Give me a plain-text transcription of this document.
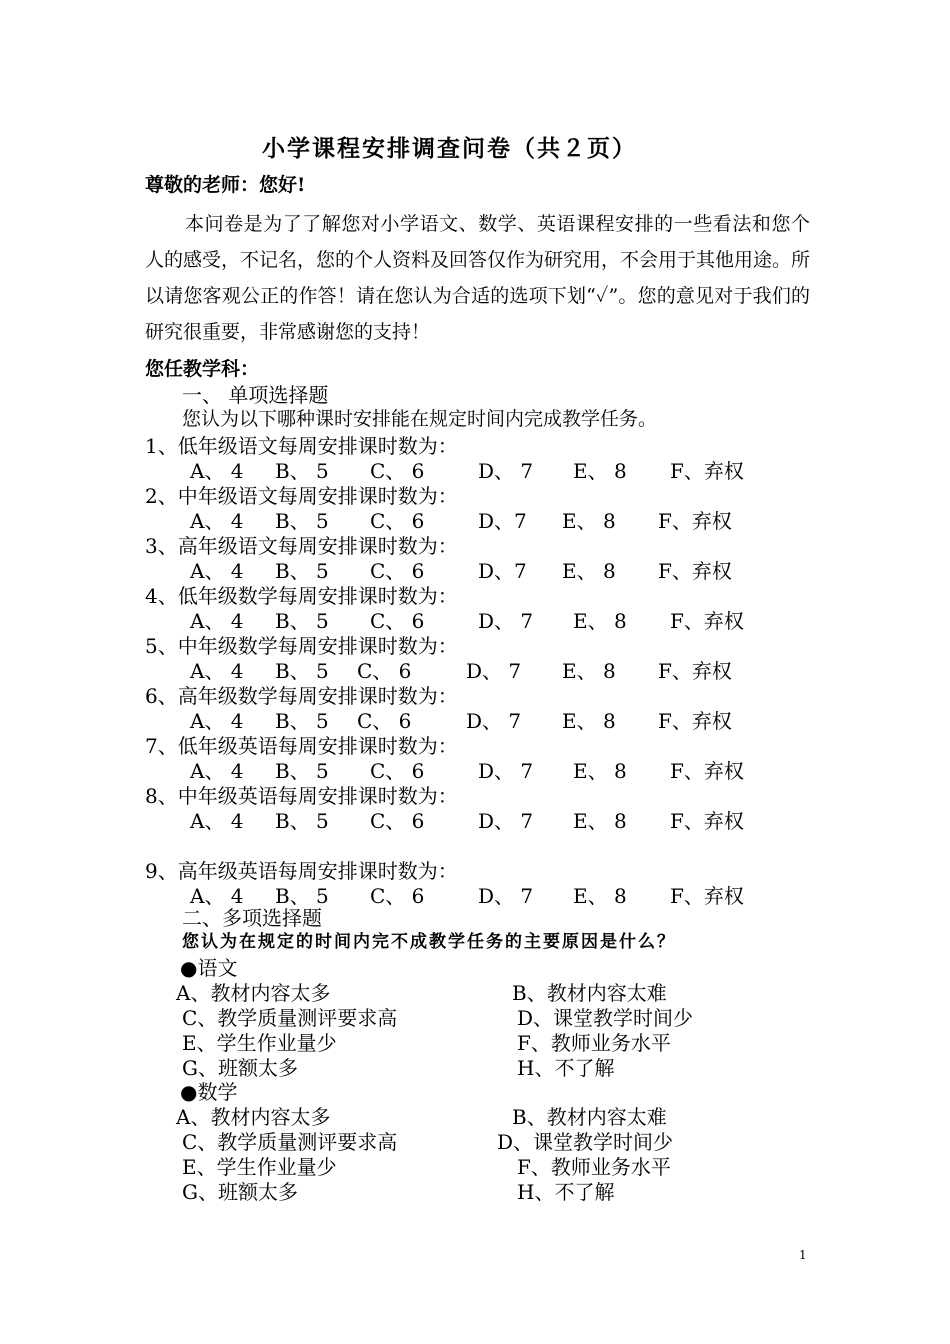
小学课程安排调查问卷（共２页）
尊敬的老师：您好!
本问卷是为了了解您对小学语文、数学、英语课程安排的一些看法和您个人的感受，不记名，您的个人资料及回答仅作为研究用，不会用于其他用途。所以请您客观公正的作答！请在您认为合适的选项下划“✓”。您的意见对于我们的研究很重要，非常感谢您的支持！
您任教学科：
一、 单项选择题
您认为以下哪种课时安排能在规定时间内完成教学任务。
1、低年级语文每周安排课时数为：
A、 4 B、 5 C、 6	D、 7 E、 8 F、弃权
2、中年级语文每周安排课时数为：
A、 4 B、 5 C、 6	D、7 E、 8 F、弃权
3、高年级语文每周安排课时数为：
A、 4 B、 5 C、 6	D、7 E、 8 F、弃权
4、低年级数学每周安排课时数为：
A、 4 B、 5 C、 6	D、 7 E、 8 F、弃权
5、中年级数学每周安排课时数为：
A、 4 B、 5 C、 6	D、 7 E、 8 F、弃权
6、高年级数学每周安排课时数为：
A、 4 B、 5 C、 6	D、 7 E、 8 F、弃权
7、低年级英语每周安排课时数为：
A、 4 B、 5 C、 6	D、 7 E、 8 F、弃权
8、中年级英语每周安排课时数为：
A、 4 B、 5 C、 6	D、 7 E、 8 F、弃权
9、高年级英语每周安排课时数为：
A、 4 B、 5 C、 6	D、 7 E、 8 F、弃权
二、多项选择题
您认为在规定的时间内完不成教学任务的主要原因是什么？
●语文
A、教材内容太多	B、教材内容太难
C、教学质量测评要求高	D、课堂教学时间少
E、学生作业量少	F、教师业务水平
G、班额太多	H、不了解
●数学
A、教材内容太多	B、教材内容太难
C、教学质量测评要求高	D、课堂教学时间少
E、学生作业量少	F、教师业务水平
G、班额太多	H、不了解
1
